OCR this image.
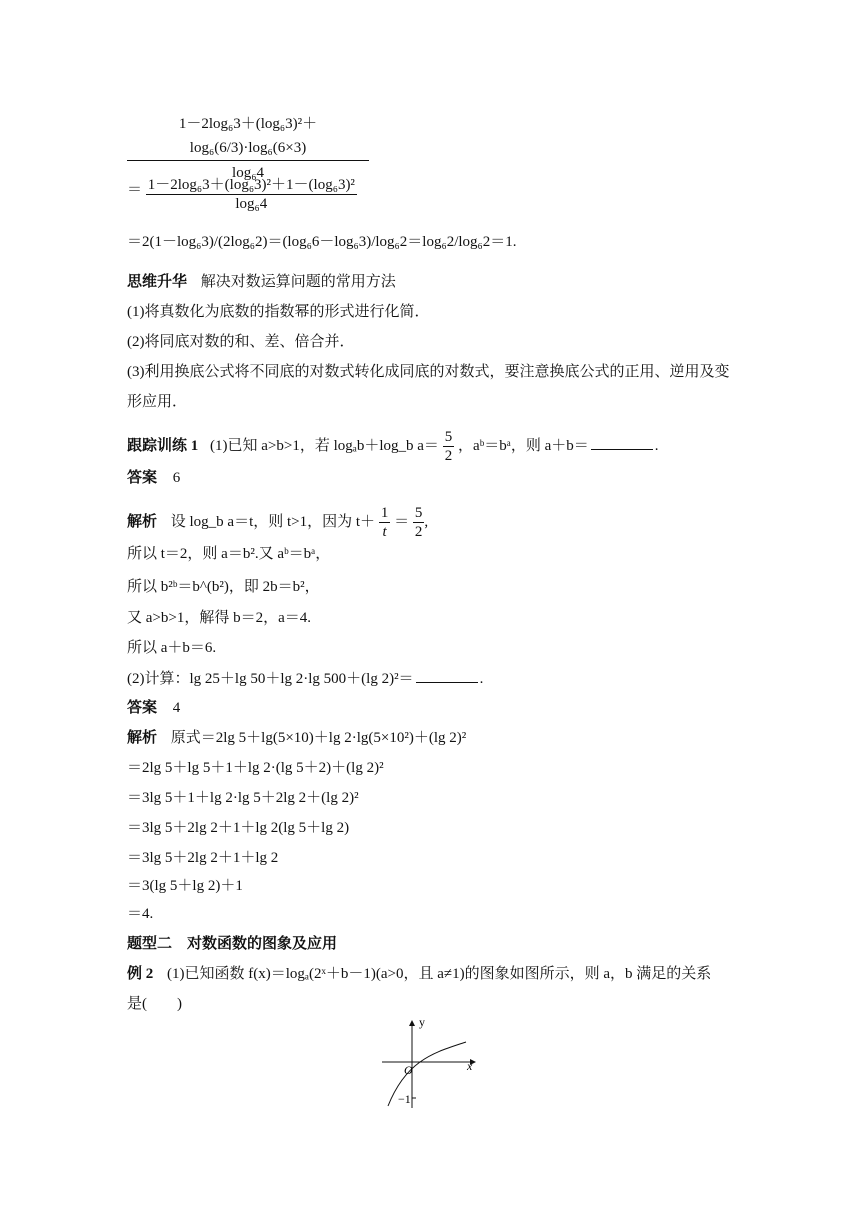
$\frac{\text{1－2log₆3＋(log₆3)²＋log₆(6/3)·log₆(6×3)}}{\text{log₆4}}$
＝ $\frac{\text{1－2log₆3＋(log₆3)²＋1－(log₆3)²}}{\text{log₆4}}$
＝2(1－log₆3)/(2log₆2)＝(log₆6－log₆3)/log₆2＝log₆2/log₆2＝1.
思维升华 解决对数运算问题的常用方法
(1)将真数化为底数的指数幂的形式进行化简．
(2)将同底对数的和、差、倍合并．
(3)利用换底公式将不同底的对数式转化成同底的对数式，要注意换底公式的正用、逆用及变
形应用．
跟踪训练 1 (1)已知 a>b>1，若 logₐb＋log_b $a= \frac{5}{2}$ ，aᵇ＝bᵃ，则 a＋b＝	.
答案 6
解析 设 log_b a＝t，则 t>1，因为 $t+ \frac{1}{t} = \frac{5}{2}$ ,
所以 t＝2，则 a＝b².又 aᵇ＝bᵃ，
所以 b²ᵇ＝b^(b²)，即 2b＝b²，
又 a>b>1，解得 b＝2，a＝4.
所以 a＋b＝6.
(2)计算：lg 25＋lg 50＋lg 2·lg 500＋(lg 2)²＝	.
答案 4
解析 原式＝2lg 5＋lg(5×10)＋lg 2·lg(5×10²)＋(lg 2)²
＝2lg 5＋lg 5＋1＋lg 2·(lg 5＋2)＋(lg 2)²
＝3lg 5＋1＋lg 2·lg 5＋2lg 2＋(lg 2)²
＝3lg 5＋2lg 2＋1＋lg 2(lg 5＋lg 2)
＝3lg 5＋2lg 2＋1＋lg 2
＝3(lg 5＋lg 2)＋1
＝4.
题型二　对数函数的图象及应用
例 2 (1)已知函数 f(x)＝logₐ(2ˣ＋b－1)(a>0，且 a≠1)的图象如图所示，则 a，b 满足的关系
是(　　)
y
x
O
−1
